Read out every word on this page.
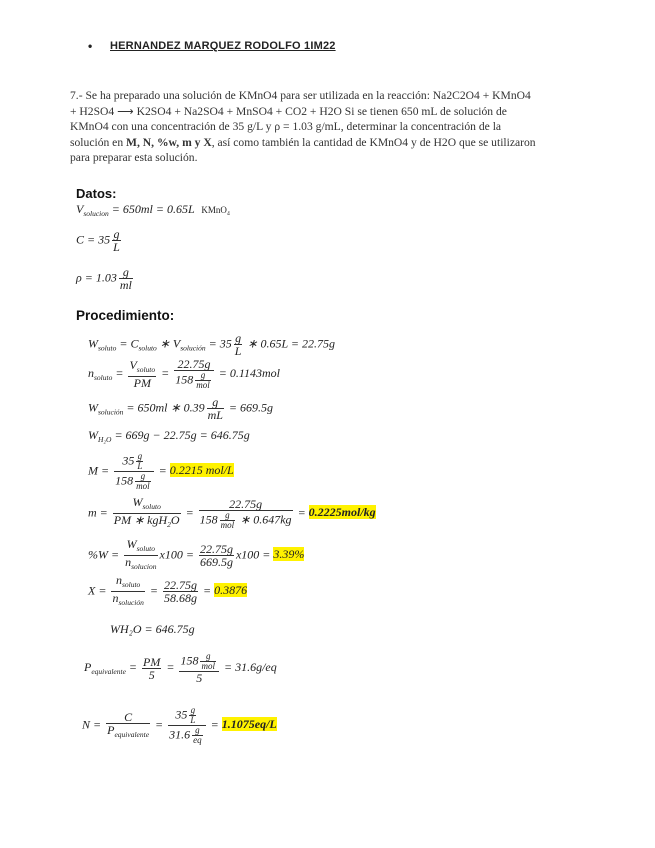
• HERNANDEZ MARQUEZ RODOLFO 1IM22
7.- Se ha preparado una solución de KMnO4 para ser utilizada en la reacción: Na2C2O4 + KMnO4 + H2SO4 ⟶ K2SO4 + Na2SO4 + MnSO4 + CO2 + H2O Si se tienen 650 mL de solución de KMnO4 con una concentración de 35 g/L y ρ = 1.03 g/mL, determinar la concentración de la solución en M, N, %w, m y X, así como también la cantidad de KMnO4 y de H2O que se utilizaron para preparar esta solución.
Datos:
$V_{solucion} = 650ml = 0.65L$ KMnO₄
$C = 35 \frac{g}{L}$
$\rho = 1.03 \frac{g}{ml}$
Procedimiento:
$W_{soluto} = C_{soluto}$ ∗ $V_{solución} = 35 \frac{g}{L}$ ∗ 0.65L = 22.75g
$n_{soluto} = \frac{V_{soluto}}{PM} = \frac{22.75g}{158 \frac{g}{\text{mol}}} = 0.1143mol$
$W_{solución} = 650ml$ ∗ $0.39 \frac{g}{mL} = 669.5g$
$W_{H_2O} = 669g - 22.75g = 646.75g$
$M = \frac{35 \frac{g}{L}}{158 \frac{g}{\text{mol}}} = 0.2215$ mol/L
$m = \frac{W_{soluto}}{PM ∗ kgH_2O} = \frac{22.75g}{158 \frac{g}{\text{mol}} ∗ 0.647kg} = 0.2225mol/kg$
$\%W = \frac{W_{soluto}}{n_{solucion}} x100 = \frac{22.75g}{669.5g} x100 = 3.39\%$
$X = \frac{n_{soluto}}{n_{solución}} = \frac{22.75g}{58.68g} = 0.3876$
WH₂O = 646.75g
$P_{equivalente} = \frac{PM}{5} = \frac{158 \frac{g}{\text{mol}}}{5} = 31.6g/eq$
$N = \frac{C}{P_{equivalente}} = \frac{35 \frac{g}{L}}{31.6 \frac{g}{eq}} = 1.1075eq/L$
